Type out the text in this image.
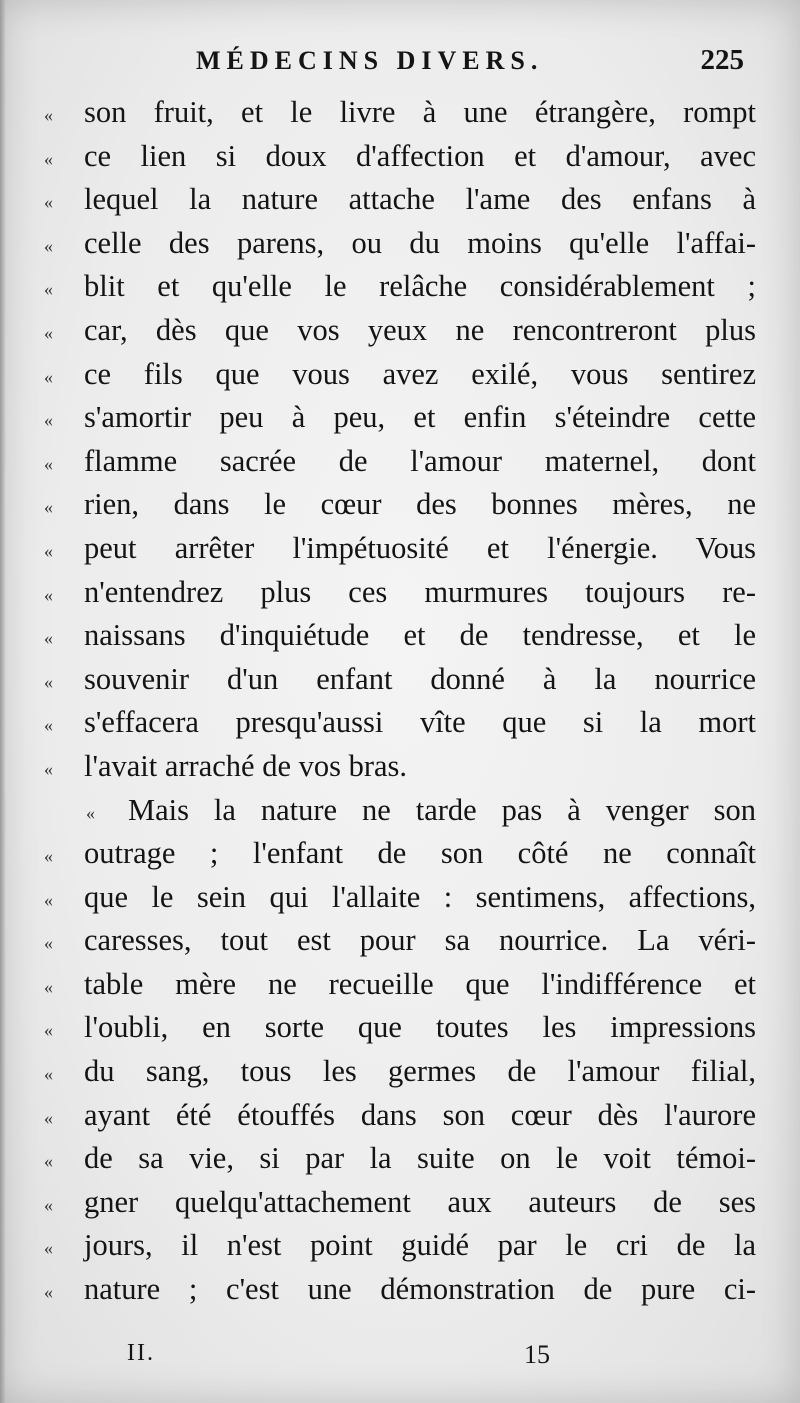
MÉDECINS DIVERS.	225
« son fruit, et le livre à une étrangère, rompt
« ce lien si doux d'affection et d'amour, avec
« lequel la nature attache l'ame des enfans à
« celle des parens, ou du moins qu'elle l'affai-
« blit et qu'elle le relâche considérablement ;
« car, dès que vos yeux ne rencontreront plus
« ce fils que vous avez exilé, vous sentirez
« s'amortir peu à peu, et enfin s'éteindre cette
« flamme sacrée de l'amour maternel, dont
« rien, dans le cœur des bonnes mères, ne
« peut arrêter l'impétuosité et l'énergie. Vous
« n'entendrez plus ces murmures toujours re-
« naissans d'inquiétude et de tendresse, et le
« souvenir d'un enfant donné à la nourrice
« s'effacera presqu'aussi vîte que si la mort
« l'avait arraché de vos bras.
« Mais la nature ne tarde pas à venger son
« outrage ; l'enfant de son côté ne connaît
« que le sein qui l'allaite : sentimens, affections,
« caresses, tout est pour sa nourrice. La véri-
« table mère ne recueille que l'indifférence et
« l'oubli, en sorte que toutes les impressions
« du sang, tous les germes de l'amour filial,
« ayant été étouffés dans son cœur dès l'aurore
« de sa vie, si par la suite on le voit témoi-
« gner quelqu'attachement aux auteurs de ses
« jours, il n'est point guidé par le cri de la
« nature ; c'est une démonstration de pure ci-
II.	15
